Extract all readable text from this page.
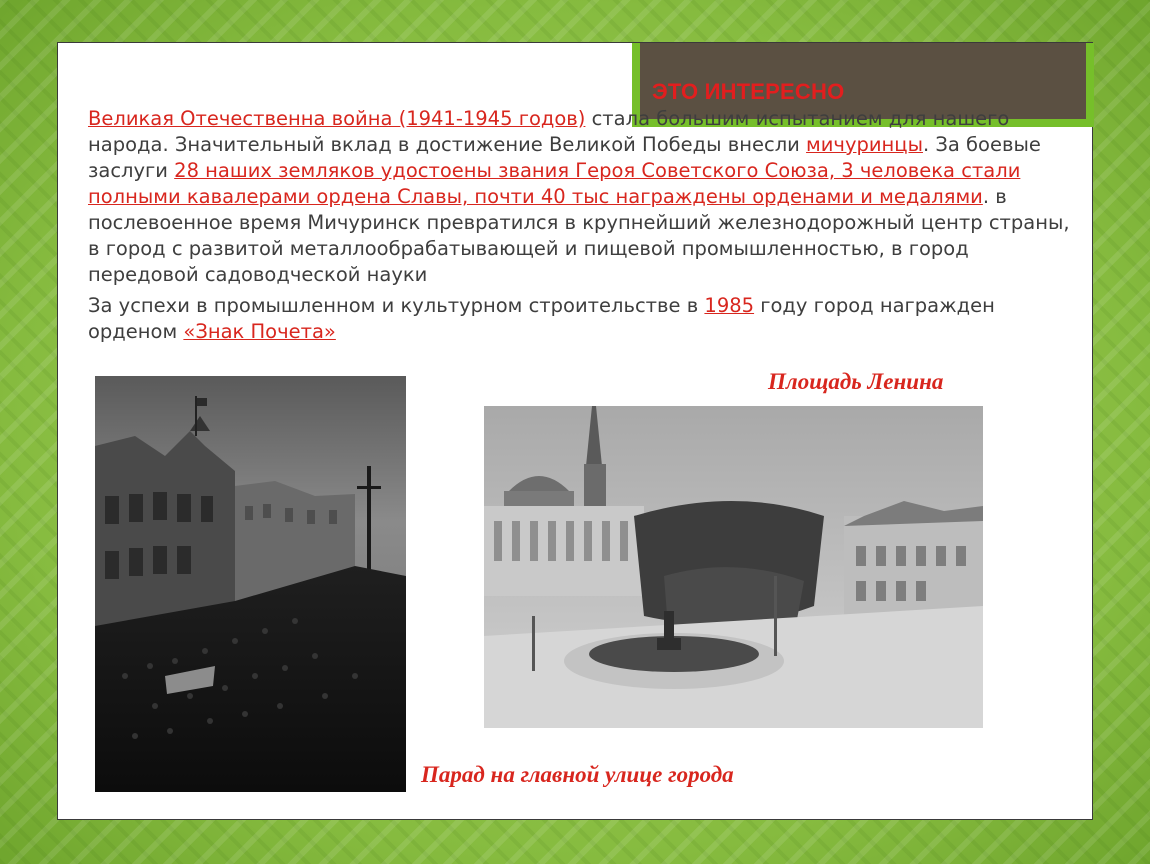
ЭТО ИНТЕРЕСНО

Великая Отечественна война (1941-1945 годов) стала большим испытанием для нашего народа. Значительный вклад в достижение Великой Победы внесли мичуринцы. За боевые заслуги 28 наших земляков удостоены звания Героя Советского Союза, 3 человека стали полными кавалерами ордена Славы, почти 40 тыс награждены орденами и медалями. в послевоенное время Мичуринск превратился в крупнейший железнодорожный центр страны, в город с развитой металлообрабатывающей и пищевой промышленностью, в город передовой садоводческой науки

За успехи в промышленном и культурном строительстве в 1985 году город награжден орденом «Знак Почета»

Площадь Ленина
Парад на главной улице города
